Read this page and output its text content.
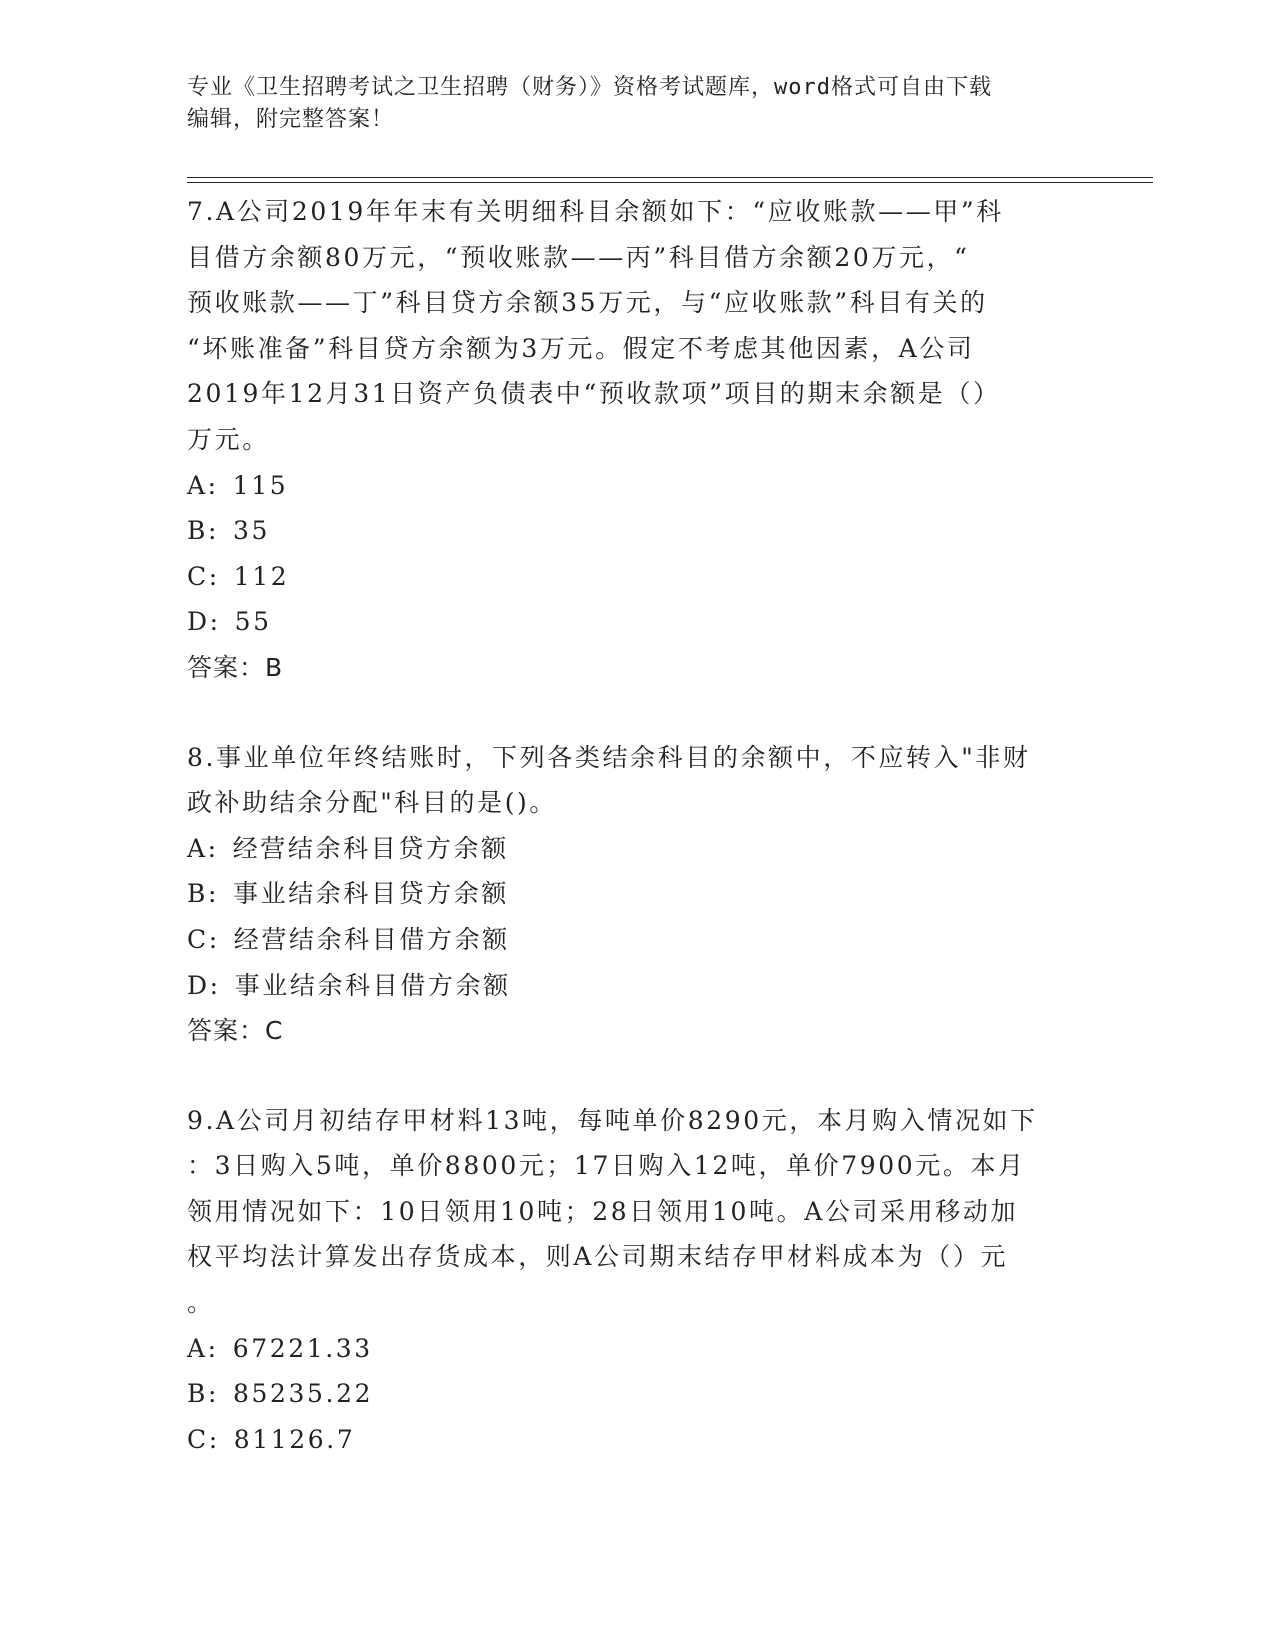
专业《卫生招聘考试之卫生招聘（财务）》资格考试题库，word格式可自由下载
编辑，附完整答案！

7.A公司2019年年末有关明细科目余额如下：“应收账款——甲”科
目借方余额80万元，“预收账款——丙”科目借方余额20万元，“
预收账款——丁”科目贷方余额35万元，与“应收账款”科目有关的
“坏账准备”科目贷方余额为3万元。假定不考虑其他因素，A公司
2019年12月31日资产负债表中“预收款项”项目的期末余额是（）
万元。

A: 115
B: 35
C: 112
D: 55
答案：B

8.事业单位年终结账时，下列各类结余科目的余额中，不应转入"非财
政补助结余分配"科目的是()。

A: 经营结余科目贷方余额
B: 事业结余科目贷方余额
C: 经营结余科目借方余额
D: 事业结余科目借方余额
答案：C

9.A公司月初结存甲材料13吨，每吨单价8290元，本月购入情况如下
：3日购入5吨，单价8800元；17日购入12吨，单价7900元。本月
领用情况如下：10日领用10吨；28日领用10吨。A公司采用移动加
权平均法计算发出存货成本，则A公司期末结存甲材料成本为（）元
。

A: 67221.33
B: 85235.22
C: 81126.7
